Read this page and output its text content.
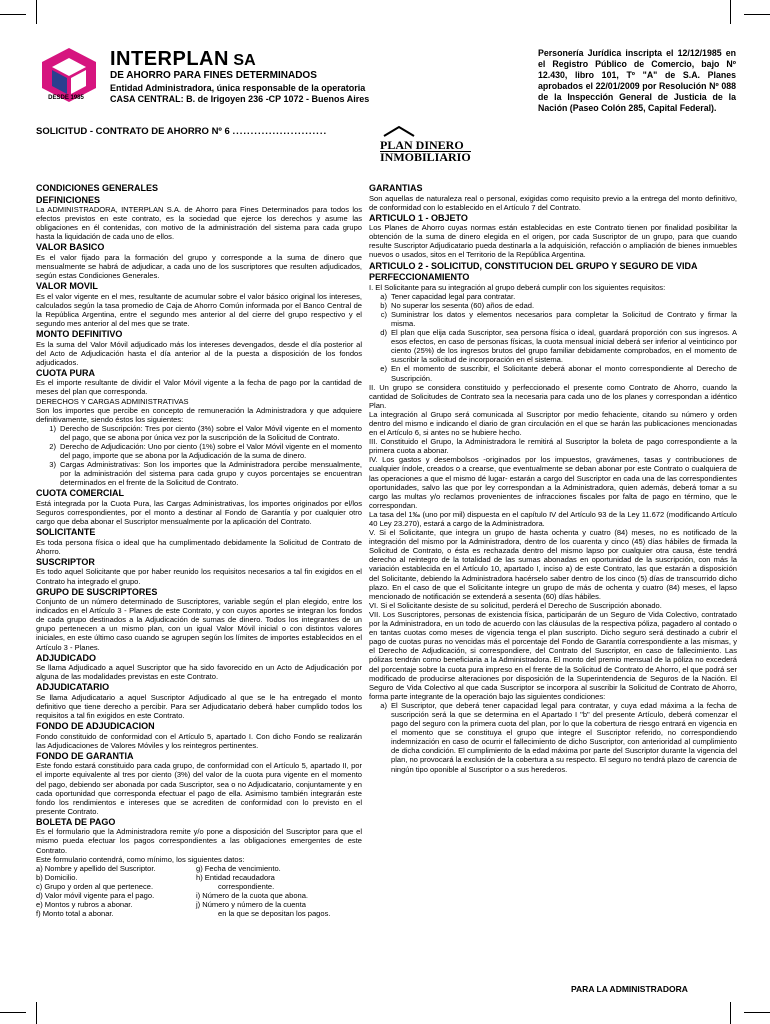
DESDE 1985
INTERPLAN SA
DE AHORRO PARA FINES DETERMINADOS
Entidad Administradora, única responsable de la operatoria
CASA CENTRAL: B. de Irigoyen 236 -CP 1072 - Buenos Aires
Personería Jurídica inscripta el 12/12/1985 en el Registro Público de Comercio, bajo Nº 12.430, libro 101, Tº "A" de S.A. Planes aprobados el 22/01/2009 por Resolución Nº 088 de la Inspección General de Justicia de la Nación (Paseo Colón 285, Capital Federal).
SOLICITUD - CONTRATO DE AHORRO Nº 6 ..........................
PLAN DINERO
INMOBILIARIO
CONDICIONES GENERALES
DEFINICIONES

La ADMINISTRADORA, INTERPLAN S.A. de Ahorro para Fines Determinados para todos los efectos previstos en este contrato, es la sociedad que ejerce los derechos y asume las obligaciones en él contenidas, con motivo de la administración del sistema para cada grupo hasta la liquidación de cada uno de ellos.

VALOR BASICO

Es el valor fijado para la formación del grupo y corresponde a la suma de dinero que mensualmente se habrá de adjudicar, a cada uno de los suscriptores que resulten adjudicados, según estas Condiciones Generales.

VALOR MOVIL

Es el valor vigente en el mes, resultante de acumular sobre el valor básico original los intereses, calculados según la tasa promedio de Caja de Ahorro Común informada por el Banco Central de la República Argentina, entre el segundo mes anterior al del cierre del grupo respectivo y el segundo mes anterior al del mes que se trate.

MONTO DEFINITIVO

Es la suma del Valor Móvil adjudicado más los intereses devengados, desde el día posterior al del Acto de Adjudicación hasta el día anterior al de la puesta a disposición de los fondos adjudicados.

CUOTA PURA

Es el importe resultante de dividir el Valor Móvil vigente a la fecha de pago por la cantidad de meses del plan que corresponda.

DERECHOS Y CARGAS ADMINISTRATIVAS

Son los importes que percibe en concepto de remuneración la Administradora y que adquiere definitivamente, siendo éstos los siguientes:

1) Derecho de Suscripción: Tres por ciento (3%) sobre el Valor Móvil vigente en el momento del pago, que se abona por única vez por la suscripción de la Solicitud de Contrato.
2) Derecho de Adjudicación: Uno por ciento (1%) sobre el Valor Móvil vigente en el momento del pago, importe que se abona por la Adjudicación de la suma de dinero.
3) Cargas Administrativas: Son los importes que la Administradora percibe mensualmente, por la administración del sistema para cada grupo y cuyos porcentajes se encuentran determinados en el frente de la Solicitud de Contrato.
CUOTA COMERCIAL

Está integrada por la Cuota Pura, las Cargas Administrativas, los importes originados por el/los Seguros correspondientes, por el monto a destinar al Fondo de Garantía y por cualquier otro cargo que deba abonar el Suscriptor mensualmente por la aplicación del Contrato.

SOLICITANTE

Es toda persona física o ideal que ha cumplimentado debidamente la Solicitud de Contrato de Ahorro.

SUSCRIPTOR

Es todo aquel Solicitante que por haber reunido los requisitos necesarios a tal fin exigidos en el Contrato ha integrado el grupo.

GRUPO DE SUSCRIPTORES

Conjunto de un número determinado de Suscriptores, variable según el plan elegido, entre los indicados en el Artículo 3 - Planes de este Contrato, y con cuyos aportes se integran los fondos de cada grupo destinados a la Adjudicación de sumas de dinero. Todos los integrantes de un grupo pertenecen a un mismo plan, con un igual Valor Móvil inicial o con distintos valores iniciales, en este último caso cuando se agrupen según los límites de importes establecidos en el Artículo 3 - Planes.

ADJUDICADO

Se llama Adjudicado a aquel Suscriptor que ha sido favorecido en un Acto de Adjudicación por alguna de las modalidades previstas en este Contrato.

ADJUDICATARIO

Se llama Adjudicatario a aquel Suscriptor Adjudicado al que se le ha entregado el monto definitivo que tiene derecho a percibir. Para ser Adjudicatario deberá haber cumplido todos los requisitos a tal fin exigidos en este Contrato.

FONDO DE ADJUDICACION

Fondo constituido de conformidad con el Artículo 5, apartado I. Con dicho Fondo se realizarán las Adjudicaciones de Valores Móviles y los reintegros pertinentes.

FONDO DE GARANTIA

Este fondo estará constituido para cada grupo, de conformidad con el Artículo 5, apartado II, por el importe equivalente al tres por ciento (3%) del valor de la cuota pura vigente en el momento del pago, debiendo ser abonada por cada Suscriptor, sea o no Adjudicatario, conjuntamente y en cada oportunidad que corresponda efectuar el pago de ella. Asimismo también integrarán este fondo los rendimientos e intereses que se acrediten de conformidad con lo previsto en el presente Contrato.

BOLETA DE PAGO

Es el formulario que la Administradora remite y/o pone a disposición del Suscriptor para que el mismo pueda efectuar los pagos correspondientes a las obligaciones emergentes de este Contrato.

Este formulario contendrá, como mínimo, los siguientes datos:

a) Nombre y apellido del Suscriptor.	g) Fecha de vencimiento.
b) Domicilio.	h) Entidad recaudadora
c) Grupo y orden al que pertenece.	correspondiente.
d) Valor móvil vigente para el pago.	i) Número de la cuota que abona.
e) Montos y rubros a abonar.	j) Número y número de la cuenta
f) Monto total a abonar.	en la que se depositan los pagos.
GARANTIAS

Son aquellas de naturaleza real o personal, exigidas como requisito previo a la entrega del monto definitivo, de conformidad con lo establecido en el Artículo 7 del Contrato.

ARTICULO 1 - OBJETO

Los Planes de Ahorro cuyas normas están establecidas en este Contrato tienen por finalidad posibilitar la obtención de la suma de dinero elegida en el origen, por cada Suscriptor de un grupo, para que cuando resulte Suscriptor Adjudicatario pueda destinarla a la adquisición, refacción o ampliación de bienes inmuebles nuevos o usados, sitos en el Territorio de la República Argentina.

ARTICULO 2 - SOLICITUD, CONSTITUCION DEL GRUPO Y SEGURO DE VIDA
PERFECCIONAMIENTO

I. El Solicitante para su integración al grupo deberá cumplir con los siguientes requisitos:

a) Tener capacidad legal para contratar.
b) No superar los sesenta (60) años de edad.
c) Suministrar los datos y elementos necesarios para completar la Solicitud de Contrato y firmar la misma.
d) El plan que elija cada Suscriptor, sea persona física o ideal, guardará proporción con sus ingresos. A esos efectos, en caso de personas físicas, la cuota mensual inicial deberá ser inferior al veinticinco por ciento (25%) de los ingresos brutos del grupo familiar debidamente comprobados, en el momento de suscribir la solicitud de incorporación en el sistema.
e) En el momento de suscribir, el Solicitante deberá abonar el monto correspondiente al Derecho de Suscripción.

II. Un grupo se considera constituido y perfeccionado el presente como Contrato de Ahorro, cuando la cantidad de Solicitudes de Contrato sea la necesaria para cada uno de los planes y correspondan a idéntico Plan.

La integración al Grupo será comunicada al Suscriptor por medio fehaciente, citando su número y orden dentro del mismo e indicando el diario de gran circulación en el que se harán las publicaciones mencionadas en el Artículo 6, si antes no se hubiere hecho.

III. Constituido el Grupo, la Administradora le remitirá al Suscriptor la boleta de pago correspondiente a la primera cuota a abonar.

IV. Los gastos y desembolsos -originados por los impuestos, gravámenes, tasas y contribuciones de cualquier índole, creados o a crearse, que eventualmente se deban abonar por este Contrato o cualquiera de las operaciones a que el mismo dé lugar- estarán a cargo del Suscriptor en cada una de las correspondientes oportunidades, salvo las que por ley correspondan a la Administradora, quien además, deberá tomar a su cargo las multas y/o reclamos provenientes de infracciones fiscales por falta de pago en término, que le correspondan.

La tasa del 1‰ (uno por mil) dispuesta en el capítulo IV del Artículo 93 de la Ley 11.672 (modificando Artículo 40 Ley 23.270), estará a cargo de la Administradora.

V. Si el Solicitante, que integra un grupo de hasta ochenta y cuatro (84) meses, no es notificado de la integración del mismo por la Administradora, dentro de los cuarenta y cinco (45) días hábiles de firmada la Solicitud de Contrato, o ésta es rechazada dentro del mismo lapso por cualquier otra causa, éste tendrá derecho al reintegro de la totalidad de las sumas abonadas en oportunidad de la suscripción, con más la variación establecida en el Artículo 10, apartado I, inciso a) de este Contrato, las que estarán a disposición del Solicitante, debiendo la Administradora hacérselo saber dentro de los cinco (5) días de transcurrido dicho plazo. En el caso de que el Solicitante integre un grupo de más de ochenta y cuatro (84) meses, el lapso mencionado de notificación se extenderá a sesenta (60) días hábiles.

VI. Si el Solicitante desiste de su solicitud, perderá el Derecho de Suscripción abonado.

VII. Los Suscriptores, personas de existencia física, participarán de un Seguro de Vida Colectivo, contratado por la Administradora, en un todo de acuerdo con las cláusulas de la respectiva póliza, pagadero al contado o en tantas cuotas como meses de vigencia tenga el plan suscripto. Dicho seguro será destinado a cubrir el pago de cuotas puras no vencidas más el porcentaje del Fondo de Garantía correspondiente a las mismas, y el Derecho de Adjudicación, si correspondiere, del Contrato del Suscriptor, en caso de fallecimiento. Las pólizas tendrán como beneficiaria a la Administradora. El monto del premio mensual de la póliza no excederá del porcentaje sobre la cuota pura impreso en el frente de la Solicitud de Contrato de Ahorro, el que podrá ser modificado de producirse alteraciones por disposición de la Superintendencia de Seguros de la Nación. El Seguro de Vida Colectivo al que cada Suscriptor se incorpora al suscribir la Solicitud de Contrato de Ahorro, forma parte integrante de la operación bajo las siguientes condiciones:

a) El Suscriptor, que deberá tener capacidad legal para contratar, y cuya edad máxima a la fecha de suscripción será la que se determina en el Apartado I "b" del presente Artículo, deberá comenzar el pago del seguro con la primera cuota del plan, por lo que la cobertura de riesgo entrará en vigencia en el momento que se constituya el grupo que integre el Suscriptor referido, no correspondiendo indemnización en caso de ocurrir el fallecimiento de dicho Suscriptor, con anterioridad al cumplimiento de dicha condición. El cumplimiento de la edad máxima por parte del Suscriptor durante la vigencia del plan, no provocará la exclusión de la cobertura a su respecto. El seguro no tendrá plazo de carencia de ningún tipo oponible al Suscriptor o a sus herederos.
PARA LA ADMINISTRADORA
